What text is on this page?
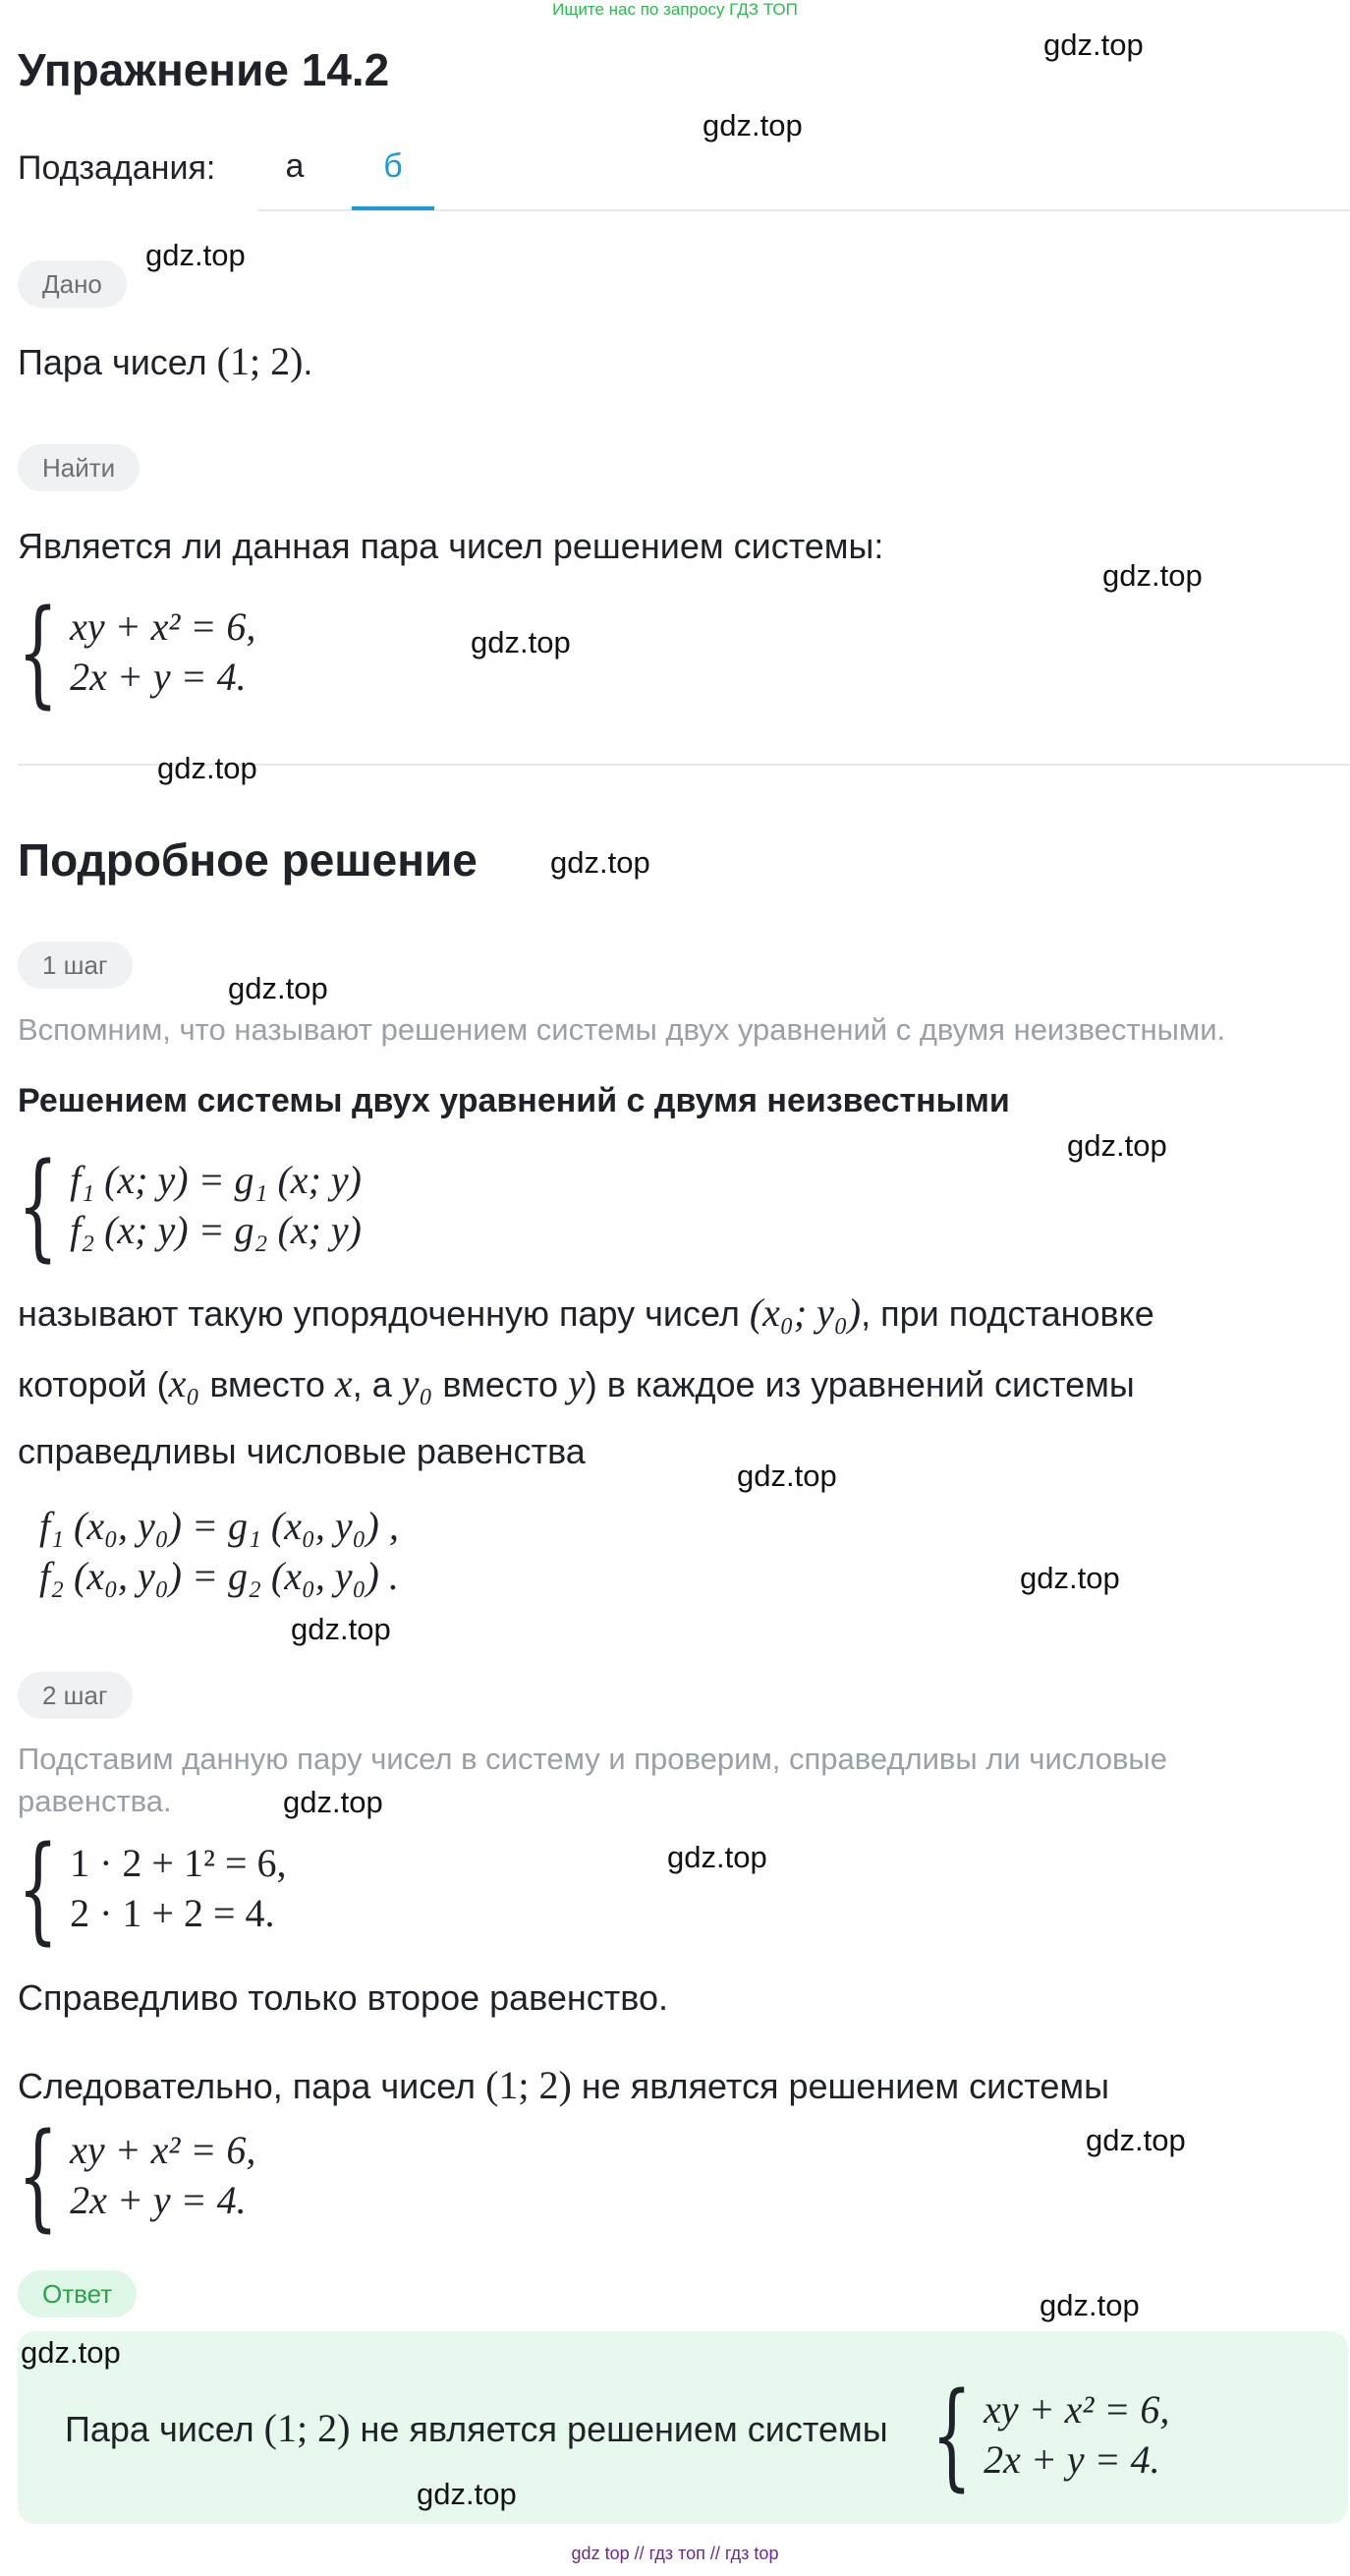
Ищите нас по запросу ГДЗ ТОП
Упражнение 14.2
Подзадания:	а	б
Дано
Пара чисел (1; 2).
Найти
Является ли данная пара чисел решением системы:
{ xy + x² = 6,
2x + y = 4.
Подробное решение
1 шаг
Вспомним, что называют решением системы двух уравнений с двумя неизвестными.
Решением системы двух уравнений с двумя неизвестными
{ f₁ (x; y) = g₁ (x; y)
f₂ (x; y) = g₂ (x; y)
называют такую упорядоченную пару чисел (x₀; y₀), при подстановке
которой (x₀ вместо x, а y₀ вместо y) в каждое из уравнений системы
справедливы числовые равенства
f₁ (x₀, y₀) = g₁ (x₀, y₀) ,
f₂ (x₀, y₀) = g₂ (x₀, y₀) .
2 шаг
Подставим данную пару чисел в систему и проверим, справедливы ли числовые
равенства.
{ 1 · 2 + 1² = 6,
2 · 1 + 2 = 4.
Справедливо только второе равенство.
Следовательно, пара чисел (1; 2) не является решением системы
{ xy + x² = 6,
2x + y = 4.
Ответ
Пара чисел (1; 2) не является решением системы { xy + x² = 6,
2x + y = 4.
gdz.top
gdz.top
gdz.top
gdz.top
gdz.top
gdz.top
gdz.top
gdz.top
gdz.top
gdz.top
gdz.top
gdz.top
gdz.top
gdz.top
gdz.top
gdz.top
gdz.top
gdz.top
gdz top // гдз топ // гдз top
